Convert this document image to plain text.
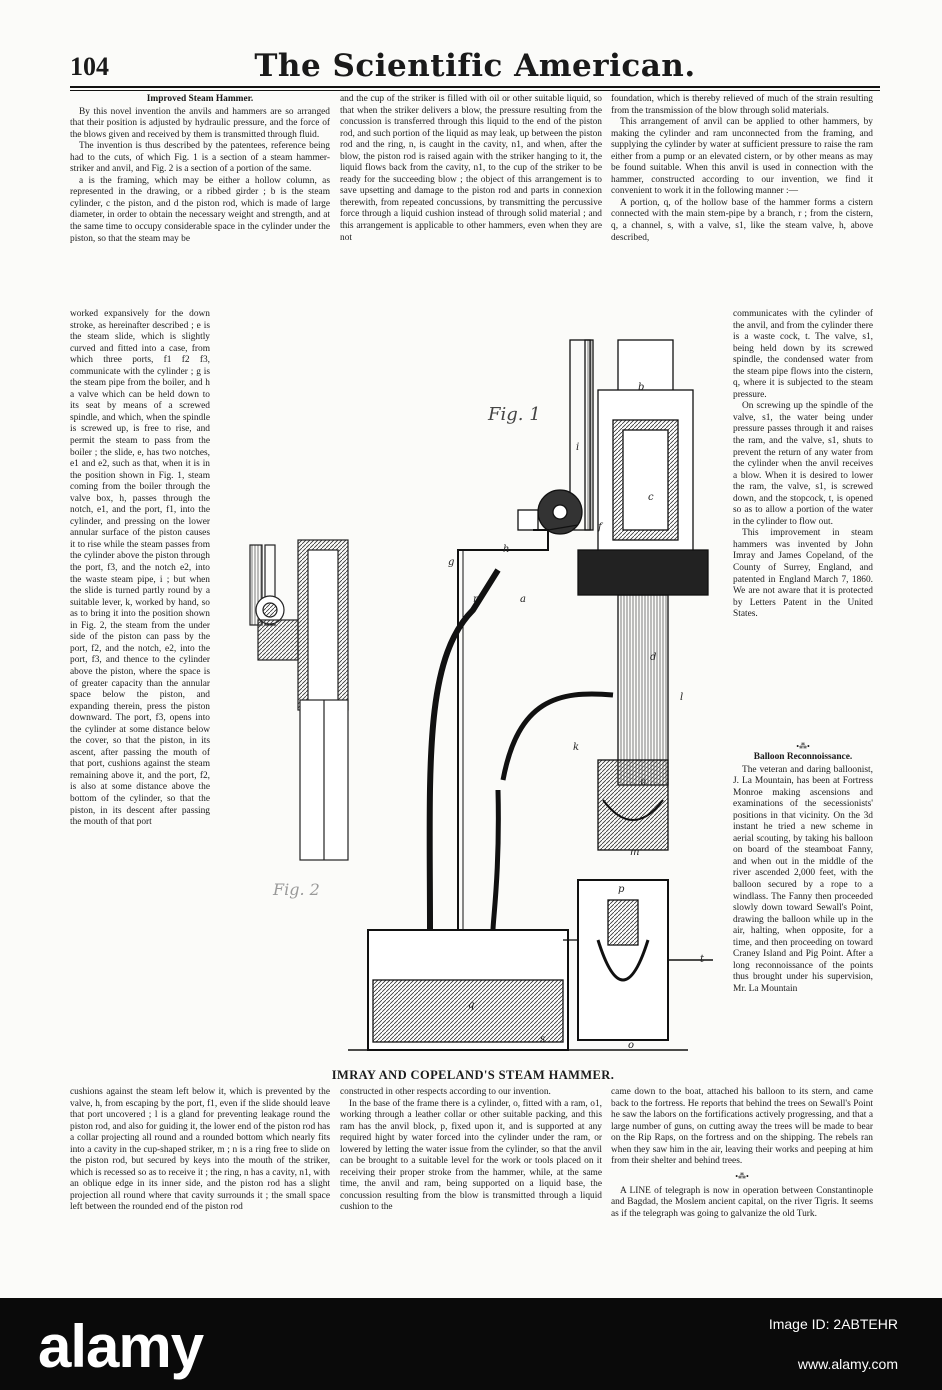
104	The Scientific American.
Improved Steam Hammer.

By this novel invention the anvils and hammers are so arranged that their position is adjusted by hydraulic pressure, and the force of the blows given and received by them is transmitted through fluid.

The invention is thus described by the patentees, reference being had to the cuts, of which Fig. 1 is a section of a steam hammer-striker and anvil, and Fig. 2 is a section of a portion of the same.

a is the framing, which may be either a hollow column, as represented in the drawing, or a ribbed girder ; b is the steam cylinder, c the piston, and d the piston rod, which is made of large diameter, in order to obtain the necessary weight and strength, and at the same time to occupy considerable space in the cylinder under the piston, so that the steam may be

worked expansively for the down stroke, as hereinafter described ; e is the steam slide, which is slightly curved and fitted into a case, from which three ports, f1 f2 f3, communicate with the cylinder ; g is the steam pipe from the boiler, and h a valve which can be held down to its seat by means of a screwed spindle, and which, when the spindle is screwed up, is free to rise, and permit the steam to pass from the boiler ; the slide, e, has two notches, e1 and e2, such as that, when it is in the position shown in Fig. 1, steam coming from the boiler through the valve box, h, passes through the notch, e1, and the port, f1, into the cylinder, and pressing on the lower annular surface of the piston causes it to rise while the steam passes from the cylinder above the piston through the port, f3, and the notch e2, into the waste steam pipe, i ; but when the slide is turned partly round by a suitable lever, k, worked by hand, so as to bring it into the position shown in Fig. 2, the steam from the under side of the piston can pass by the port, f2, and the notch, e2, into the port, f3, and thence to the cylinder above the piston, where the space is of greater capacity than the annular space below the piston, and expanding therein, press the piston downward. The port, f3, opens into the cylinder at some distance below the cover, so that the piston, in its ascent, after passing the mouth of that port, cushions against the steam remaining above it, and the port, f2, is also at some distance above the bottom of the cylinder, so that the piston, in its descent after passing the mouth of that port

cushions against the steam left below it, which is prevented by the valve, h, from escaping by the port, f1, even if the slide should leave that port uncovered ; l is a gland for preventing leakage round the piston rod, and also for guiding it, the lower end of the piston rod has a collar projecting all round and a rounded bottom which nearly fits into a cavity in the cup-shaped striker, m ; n is a ring free to slide on the piston rod, but secured by keys into the mouth of the striker, which is recessed so as to receive it ; the ring, n has a cavity, n1, with an oblique edge in its inner side, and the piston rod has a slight projection all round where that cavity surrounds it ; the small space left between the rounded end of the piston rod

and the cup of the striker is filled with oil or other suitable liquid, so that when the striker delivers a blow, the pressure resulting from the concussion is transferred through this liquid to the end of the piston rod, and such portion of the liquid as may leak, up between the piston rod and the ring, n, is caught in the cavity, n1, and when, after the blow, the piston rod is raised again with the striker hanging to it, the liquid flows back from the cavity, n1, to the cup of the striker to be ready for the succeeding blow ; the object of this arrangement is to save upsetting and damage to the piston rod and parts in connexion therewith, from repeated concussions, by transmitting the percussive force through a liquid cushion instead of through solid material ; and this arrangement is applicable to other hammers, even when they are not

constructed in other respects according to our invention.

In the base of the frame there is a cylinder, o, fitted with a ram, o1, working through a leather collar or other suitable packing, and this ram has the anvil block, p, fixed upon it, and is supported at any required hight by water forced into the cylinder under the ram, or lowered by letting the water issue from the cylinder, so that the anvil can be brought to a suitable level for the work or tools placed on it receiving their proper stroke from the hammer, while, at the same time, the anvil and ram, being supported on a liquid base, the concussion resulting from the blow is transmitted through a liquid cushion to the

foundation, which is thereby relieved of much of the strain resulting from the transmission of the blow through solid materials.

This arrangement of anvil can be applied to other hammers, by making the cylinder and ram unconnected from the framing, and supplying the cylinder by water at sufficient pressure to raise the ram either from a pump or an elevated cistern, or by other means as may be found suitable. When this anvil is used in connection with the hammer, constructed according to our invention, we find it convenient to work it in the following manner :—

A portion, q, of the hollow base of the hammer forms a cistern connected with the main stem-pipe by a branch, r ; from the cistern, q, a channel, s, with a valve, s1, like the steam valve, h, above described,

communicates with the cylinder of the anvil, and from the cylinder there is a waste cock, t. The valve, s1, being held down by its screwed spindle, the condensed water from the steam pipe flows into the cistern, q, where it is subjected to the steam pressure.

On screwing up the spindle of the valve, s1, the water being under pressure passes through it and raises the ram, and the valve, s1, shuts to prevent the return of any water from the cylinder when the anvil receives a blow. When it is desired to lower the ram, the valve, s1, is screwed down, and the stopcock, t, is opened so as to allow a portion of the water in the cylinder to flow out.

This improvement in steam hammers was invented by John Imray and James Copeland, of the County of Surrey, England, and patented in England March 7, 1860. We are not aware that it is protected by Letters Patent in the United States.

•⁂•
Balloon Reconnoissance.

The veteran and daring balloonist, J. La Mountain, has been at Fortress Monroe making ascensions and examinations of the secessionists' positions in that vicinity. On the 3d instant he tried a new scheme in aerial scouting, by taking his balloon on board of the steamboat Fanny, and when out in the middle of the river ascended 2,000 feet, with the balloon secured by a rope to a windlass. The Fanny then proceeded slowly down toward Sewall's Point, drawing the balloon while up in the air, halting, when opposite, for a time, and then proceeding on toward Craney Island and Pig Point. After a long reconnoissance of the points thus brought under his supervision, Mr. La Mountain

came down to the boat, attached his balloon to its stern, and came back to the fortress. He reports that behind the trees on Sewall's Point he saw the labors on the fortifications actively progressing, and that a large number of guns, on cutting away the trees will be made to bear on the Rip Raps, on the fortress and on the shipping. The rebels ran when they saw him in the air, leaving their works and peeping at him from their shelter and behind trees.

•⁂•

A LINE of telegraph is now in operation between Constantinople and Bagdad, the Moslem ancient capital, on the river Tigris. It seems as if the telegraph was going to galvanize the old Turk.

Fig. 2
Fig. 1
b
i
h
c
r	a
d
l
k
n
m
p
o
q
s
t
g
f
IMRAY AND COPELAND'S STEAM HAMMER.
alamy	Image ID: 2ABTEHR
www.alamy.com
